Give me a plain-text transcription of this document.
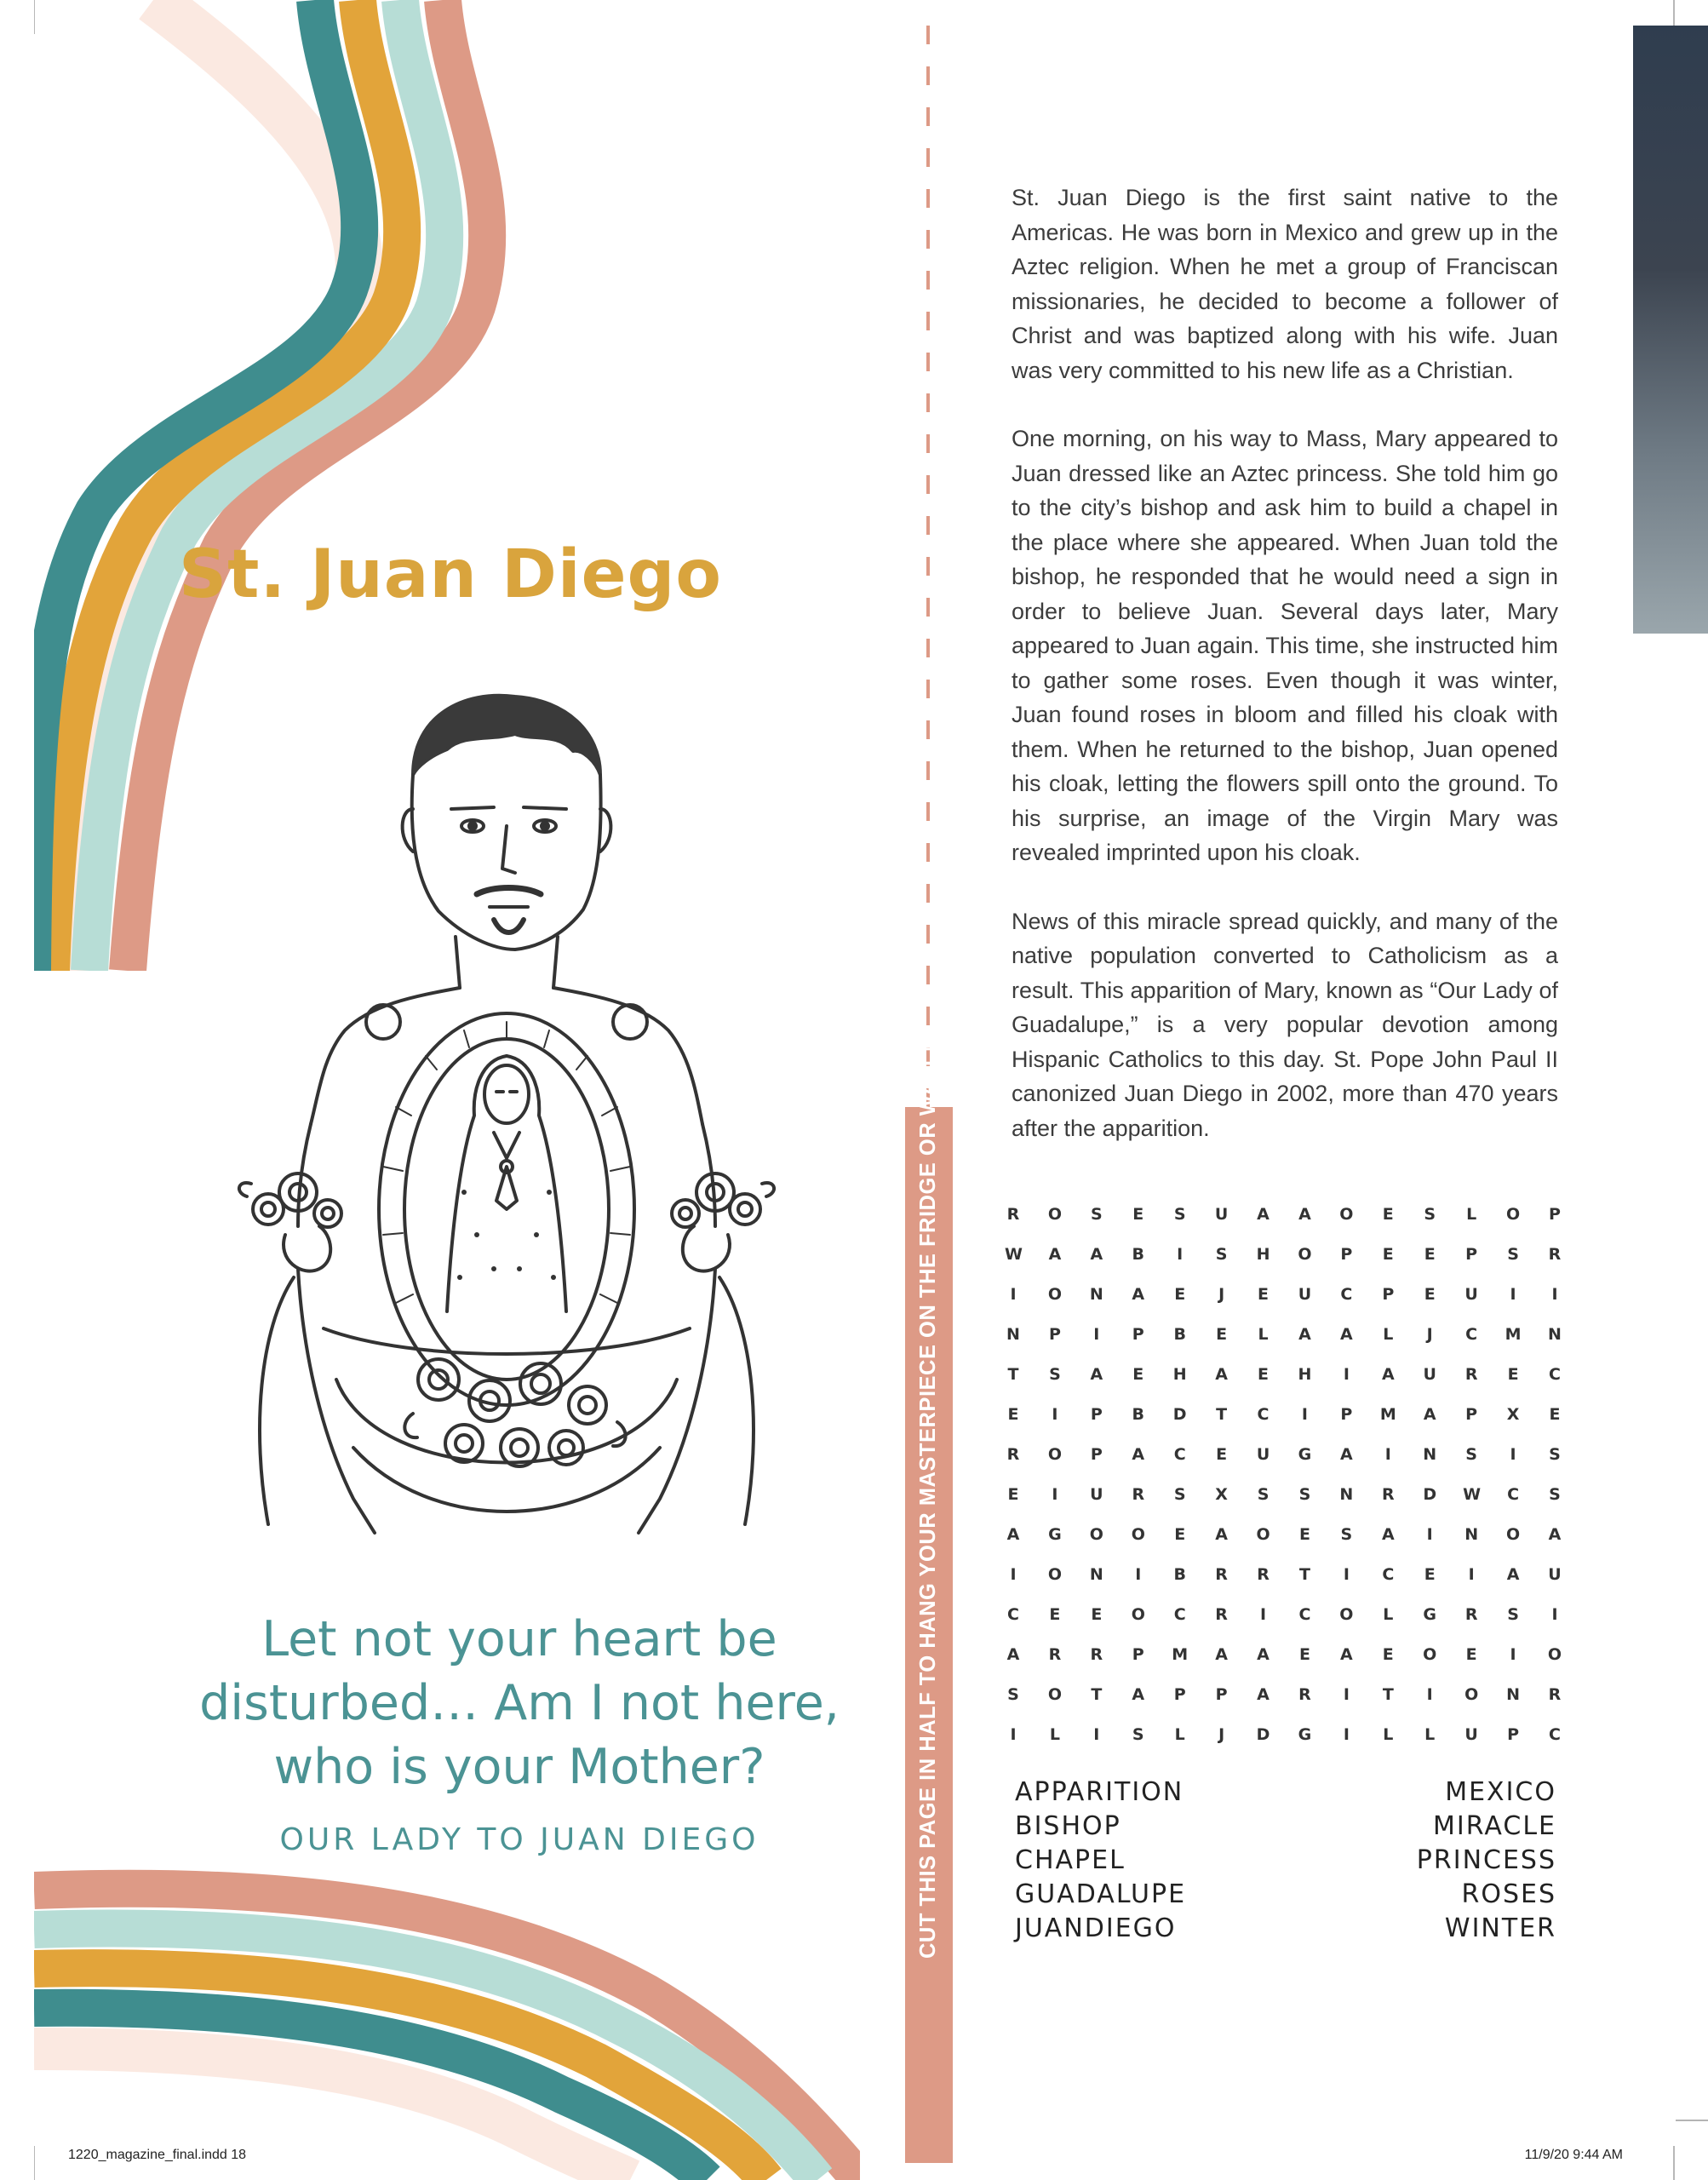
St. Juan Diego
Let not your heart be disturbed… Am I not here, who is your Mother?
OUR LADY TO JUAN DIEGO	CUT THIS PAGE IN HALF TO HANG YOUR MASTERPIECE ON THE FRIDGE OR WALL!

St. Juan Diego is the first saint native to the Americas. He was born in Mexico and grew up in the Aztec religion. When he met a group of Franciscan missionaries, he decided to become a follower of Christ and was baptized along with his wife. Juan was very committed to his new life as a Christian.

One morning, on his way to Mass, Mary appeared to Juan dressed like an Aztec princess. She told him go to the city’s bishop and ask him to build a chapel in the place where she appeared. When Juan told the bishop, he responded that he would need a sign in order to believe Juan. Several days later, Mary appeared to Juan again. This time, she instructed him to gather some roses. Even though it was winter, Juan found roses in bloom and filled his cloak with them. When he returned to the bishop, Juan opened his cloak, letting the flowers spill onto the ground. To his surprise, an image of the Virgin Mary was revealed imprinted upon his cloak.

News of this miracle spread quickly, and many of the native population converted to Catholicism as a result. This apparition of Mary, known as “Our Lady of Guadalupe,” is a very popular devotion among Hispanic Catholics to this day. St. Pope John Paul II canonized Juan Diego in 2002, more than 470 years after the apparition.

R O S E S U A A O E S L O P
W A A B	I	S H O P E E P S R
I	O N A E	J	E U C P E U	I	I
N P	I	P B E L A A L	J	C M N
T S A E H A E H	I	A U R E C
E	I	P B D T C	I	P M A P X E
R O P A C E U G A	I	N S	I	S
E	I	U R S X S S N R D W C S
A G O O E A O E S A	I	N O A
I	O N	I	B R R T	I	C E	I	A U
C E E O C R	I	C O L G R S	I
A R R P M A A E A E O E	I	O
S O T A P P A R	I	T	I	O N R
I	L	I	S L	J	D G	I	L L U P C
APPARITION
BISHOP
CHAPEL
GUADALUPE
JUANDIEGO
MEXICO
MIRACLE
PRINCESS
ROSES
WINTER
1220_magazine_final.indd 18	11/9/20 9:44 AM
